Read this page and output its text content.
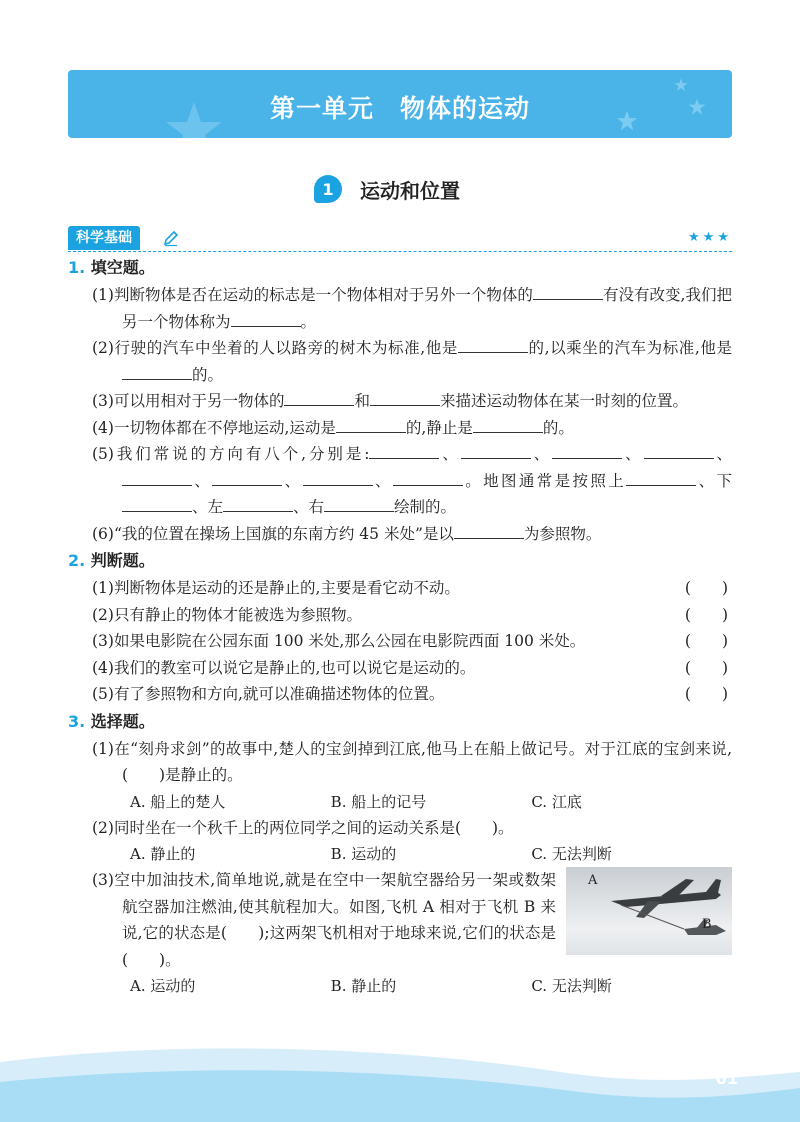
第一单元　物体的运动
1	运动和位置
科学基础	★★★
1. 填空题。
(1)判断物体是否在运动的标志是一个物体相对于另外一个物体的	有没有改变,我们把另一个物体称为	。
(2)行驶的汽车中坐着的人以路旁的树木为标准,他是	的,以乘坐的汽车为标准,他是的。
(3)可以用相对于另一物体的	和	来描述运动物体在某一时刻的位置。
(4)一切物体都在不停地运动,运动是	的,静止是	的。
(5)我们常说的方向有八个,分别是:	、	、	、	、、	、	、	。地图通常是按照上	、下、左	、右	绘制的。
(6)“我的位置在操场上国旗的东南方约 45 米处”是以	为参照物。
2. 判断题。
(1)判断物体是运动的还是静止的,主要是看它动不动。	(　　)
(2)只有静止的物体才能被选为参照物。	(　　)
(3)如果电影院在公园东面 100 米处,那么公园在电影院西面 100 米处。	(　　)
(4)我们的教室可以说它是静止的,也可以说它是运动的。	(　　)
(5)有了参照物和方向,就可以准确描述物体的位置。	(　　)
3. 选择题。
(1)在“刻舟求剑”的故事中,楚人的宝剑掉到江底,他马上在船上做记号。对于江底的宝剑来说,(　　)是静止的。
A. 船上的楚人	B. 船上的记号	C. 江底
(2)同时坐在一个秋千上的两位同学之间的运动关系是(　　)。
A. 静止的	B. 运动的	C. 无法判断
A
B
(3)空中加油技术,简单地说,就是在空中一架航空器给另一架或数架航空器加注燃油,使其航程加大。如图,飞机 A 相对于飞机 B 来说,它的状态是(　　);这两架飞机相对于地球来说,它们的状态是(　　)。
A. 运动的	B. 静止的	C. 无法判断
01
